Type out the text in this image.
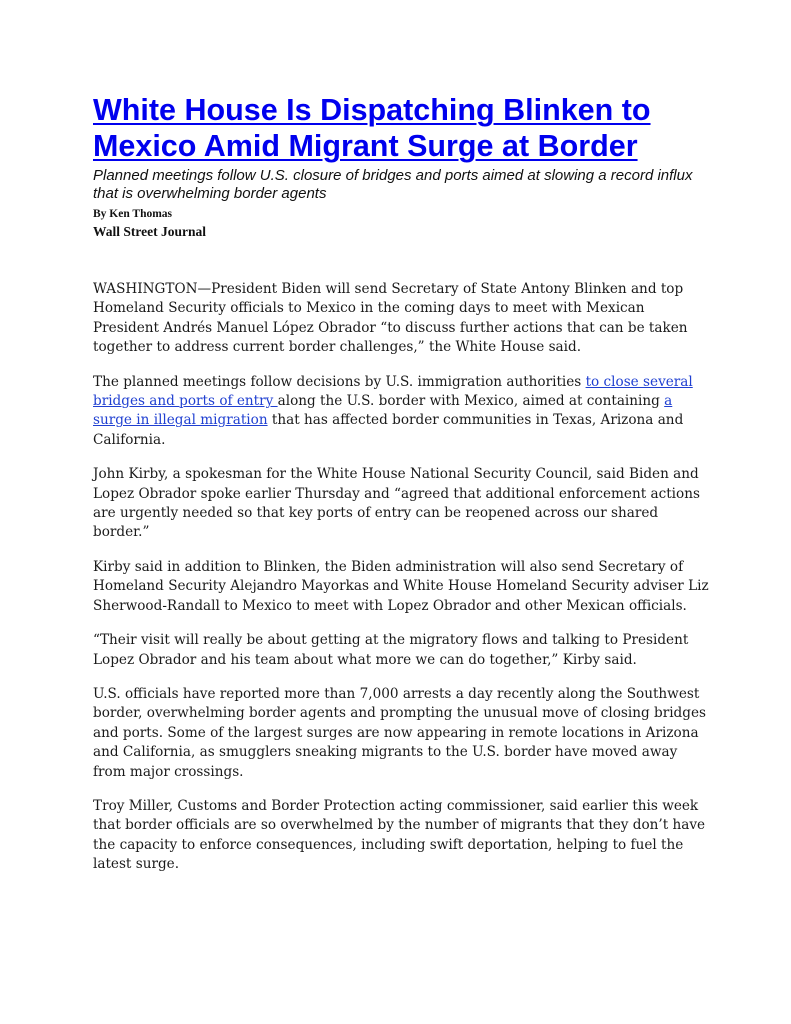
White House Is Dispatching Blinken to Mexico Amid Migrant Surge at Border

Planned meetings follow U.S. closure of bridges and ports aimed at slowing a record influx that is overwhelming border agents

By Ken Thomas

Wall Street Journal

WASHINGTON—President Biden will send Secretary of State Antony Blinken and top Homeland Security officials to Mexico in the coming days to meet with Mexican President Andrés Manuel López Obrador “to discuss further actions that can be taken together to address current border challenges,” the White House said.

The planned meetings follow decisions by U.S. immigration authorities to close several bridges and ports of entry along the U.S. border with Mexico, aimed at containing a surge in illegal migration that has affected border communities in Texas, Arizona and California.

John Kirby, a spokesman for the White House National Security Council, said Biden and Lopez Obrador spoke earlier Thursday and “agreed that additional enforcement actions are urgently needed so that key ports of entry can be reopened across our shared border.”

Kirby said in addition to Blinken, the Biden administration will also send Secretary of Homeland Security Alejandro Mayorkas and White House Homeland Security adviser Liz Sherwood-Randall to Mexico to meet with Lopez Obrador and other Mexican officials.

“Their visit will really be about getting at the migratory flows and talking to President Lopez Obrador and his team about what more we can do together,” Kirby said.

U.S. officials have reported more than 7,000 arrests a day recently along the Southwest border, overwhelming border agents and prompting the unusual move of closing bridges and ports. Some of the largest surges are now appearing in remote locations in Arizona and California, as smugglers sneaking migrants to the U.S. border have moved away from major crossings.

Troy Miller, Customs and Border Protection acting commissioner, said earlier this week that border officials are so overwhelmed by the number of migrants that they don’t have the capacity to enforce consequences, including swift deportation, helping to fuel the latest surge.
